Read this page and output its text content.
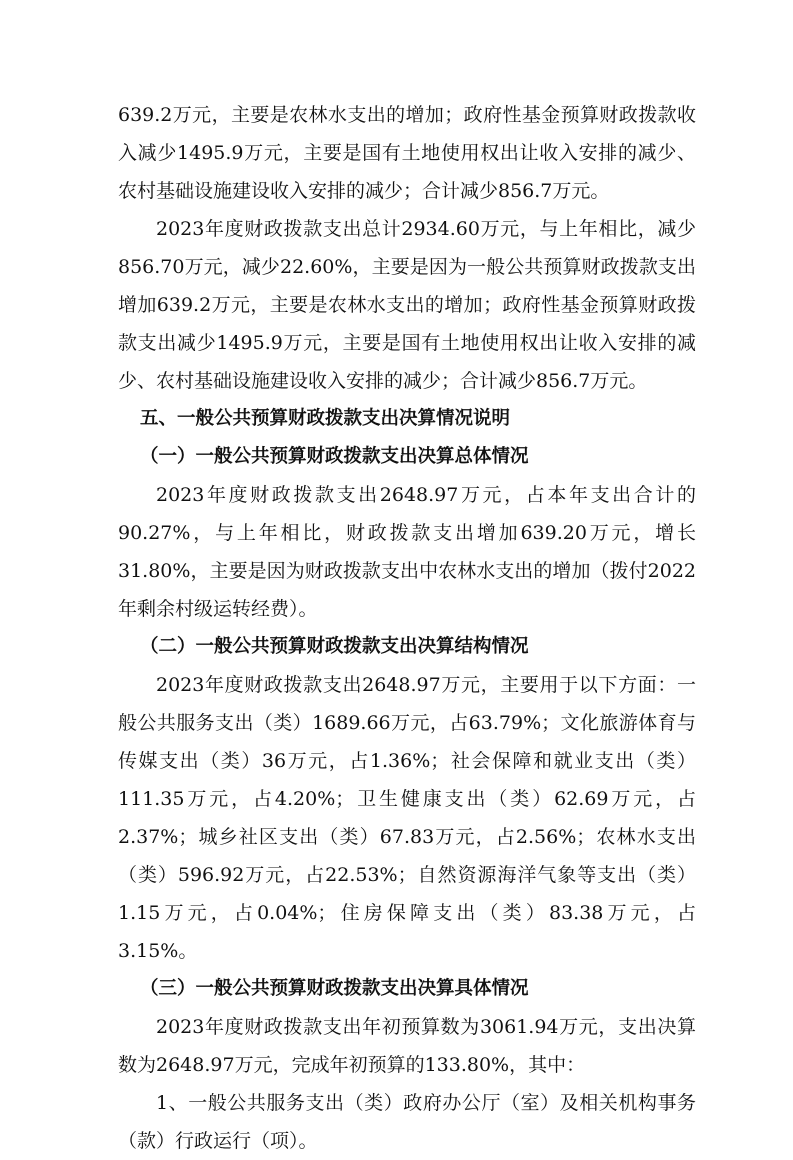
639.2万元，主要是农林水支出的增加；政府性基金预算财政拨款收入减少1495.9万元，主要是国有土地使用权出让收入安排的减少、农村基础设施建设收入安排的减少；合计减少856.7万元。

2023年度财政拨款支出总计2934.60万元，与上年相比，减少856.70万元，减少22.60%，主要是因为一般公共预算财政拨款支出增加639.2万元，主要是农林水支出的增加；政府性基金预算财政拨款支出减少1495.9万元，主要是国有土地使用权出让收入安排的减少、农村基础设施建设收入安排的减少；合计减少856.7万元。

五、一般公共预算财政拨款支出决算情况说明

（一）一般公共预算财政拨款支出决算总体情况

2023年度财政拨款支出2648.97万元，占本年支出合计的90.27%，与上年相比，财政拨款支出增加639.20万元，增长31.80%，主要是因为财政拨款支出中农林水支出的增加（拨付2022年剩余村级运转经费）。

（二）一般公共预算财政拨款支出决算结构情况

2023年度财政拨款支出2648.97万元，主要用于以下方面：一般公共服务支出（类）1689.66万元，占63.79%；文化旅游体育与传媒支出（类）36万元，占1.36%；社会保障和就业支出（类）111.35万元，占4.20%；卫生健康支出（类）62.69万元，占2.37%；城乡社区支出（类）67.83万元，占2.56%；农林水支出（类）596.92万元，占22.53%；自然资源海洋气象等支出（类）1.15万元，占0.04%；住房保障支出（类）83.38万元，占3.15%。

（三）一般公共预算财政拨款支出决算具体情况

2023年度财政拨款支出年初预算数为3061.94万元，支出决算数为2648.97万元，完成年初预算的133.80%，其中：

1、一般公共服务支出（类）政府办公厅（室）及相关机构事务（款）行政运行（项）。
